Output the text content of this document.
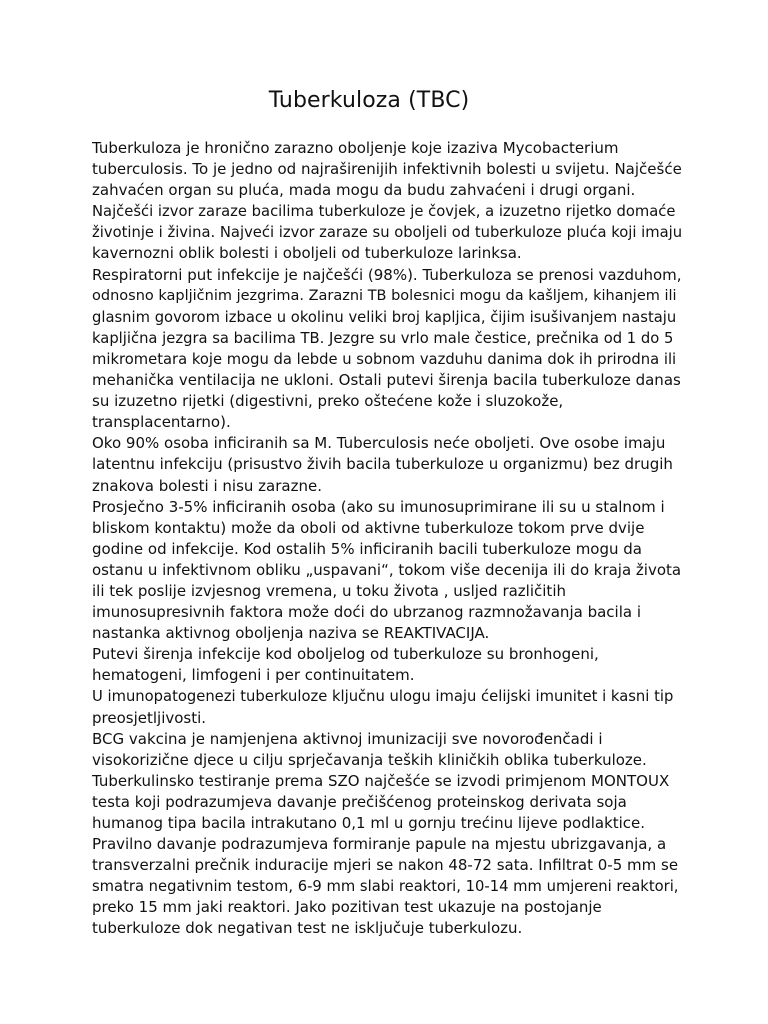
Tuberkuloza (TBC)
Tuberkuloza je hronično zarazno oboljenje koje izaziva Mycobacterium
tuberculosis. To je jedno od najraširenijih infektivnih bolesti u svijetu. Najčešće
zahvaćen organ su pluća, mada mogu da budu zahvaćeni i drugi organi.
Najčešći izvor zaraze bacilima tuberkuloze je čovjek, a izuzetno rijetko domaće
životinje i živina. Najveći izvor zaraze su oboljeli od tuberkuloze pluća koji imaju
kavernozni oblik bolesti i oboljeli od tuberkuloze larinksa.
Respiratorni put infekcije je najčešći (98%). Tuberkuloza se prenosi vazduhom,
odnosno kapljičnim jezgrima. Zarazni TB bolesnici mogu da kašljem, kihanjem ili
glasnim govorom izbace u okolinu veliki broj kapljica, čijim isušivanjem nastaju
kapljična jezgra sa bacilima TB. Jezgre su vrlo male čestice, prečnika od 1 do 5
mikrometara koje mogu da lebde u sobnom vazduhu danima dok ih prirodna ili
mehanička ventilacija ne ukloni. Ostali putevi širenja bacila tuberkuloze danas
su izuzetno rijetki (digestivni, preko oštećene kože i sluzokože,
transplacentarno).
Oko 90% osoba inficiranih sa M. Tuberculosis neće oboljeti. Ove osobe imaju
latentnu infekciju (prisustvo živih bacila tuberkuloze u organizmu) bez drugih
znakova bolesti i nisu zarazne.
Prosječno 3-5% inficiranih osoba (ako su imunosuprimirane ili su u stalnom i
bliskom kontaktu) može da oboli od aktivne tuberkuloze tokom prve dvije
godine od infekcije. Kod ostalih 5% inficiranih bacili tuberkuloze mogu da
ostanu u infektivnom obliku „uspavani“, tokom više decenija ili do kraja života
ili tek poslije izvjesnog vremena, u toku života , usljed različitih
imunosupresivnih faktora može doći do ubrzanog razmnožavanja bacila i
nastanka aktivnog oboljenja naziva se REAKTIVACIJA.
Putevi širenja infekcije kod oboljelog od tuberkuloze su bronhogeni,
hematogeni, limfogeni i per continuitatem.
U imunopatogenezi tuberkuloze ključnu ulogu imaju ćelijski imunitet i kasni tip
preosjetljivosti.
BCG vakcina je namjenjena aktivnoj imunizaciji sve novorođenčadi i
visokorizične djece u cilju sprječavanja teških kliničkih oblika tuberkuloze.
Tuberkulinsko testiranje prema SZO najčešće se izvodi primjenom MONTOUX
testa koji podrazumjeva davanje prečišćenog proteinskog derivata soja
humanog tipa bacila intrakutano 0,1 ml u gornju trećinu lijeve podlaktice.
Pravilno davanje podrazumjeva formiranje papule na mjestu ubrizgavanja, a
transverzalni prečnik induracije mjeri se nakon 48-72 sata. Infiltrat 0-5 mm se
smatra negativnim testom, 6-9 mm slabi reaktori, 10-14 mm umjereni reaktori,
preko 15 mm jaki reaktori. Jako pozitivan test ukazuje na postojanje
tuberkuloze dok negativan test ne isključuje tuberkulozu.
